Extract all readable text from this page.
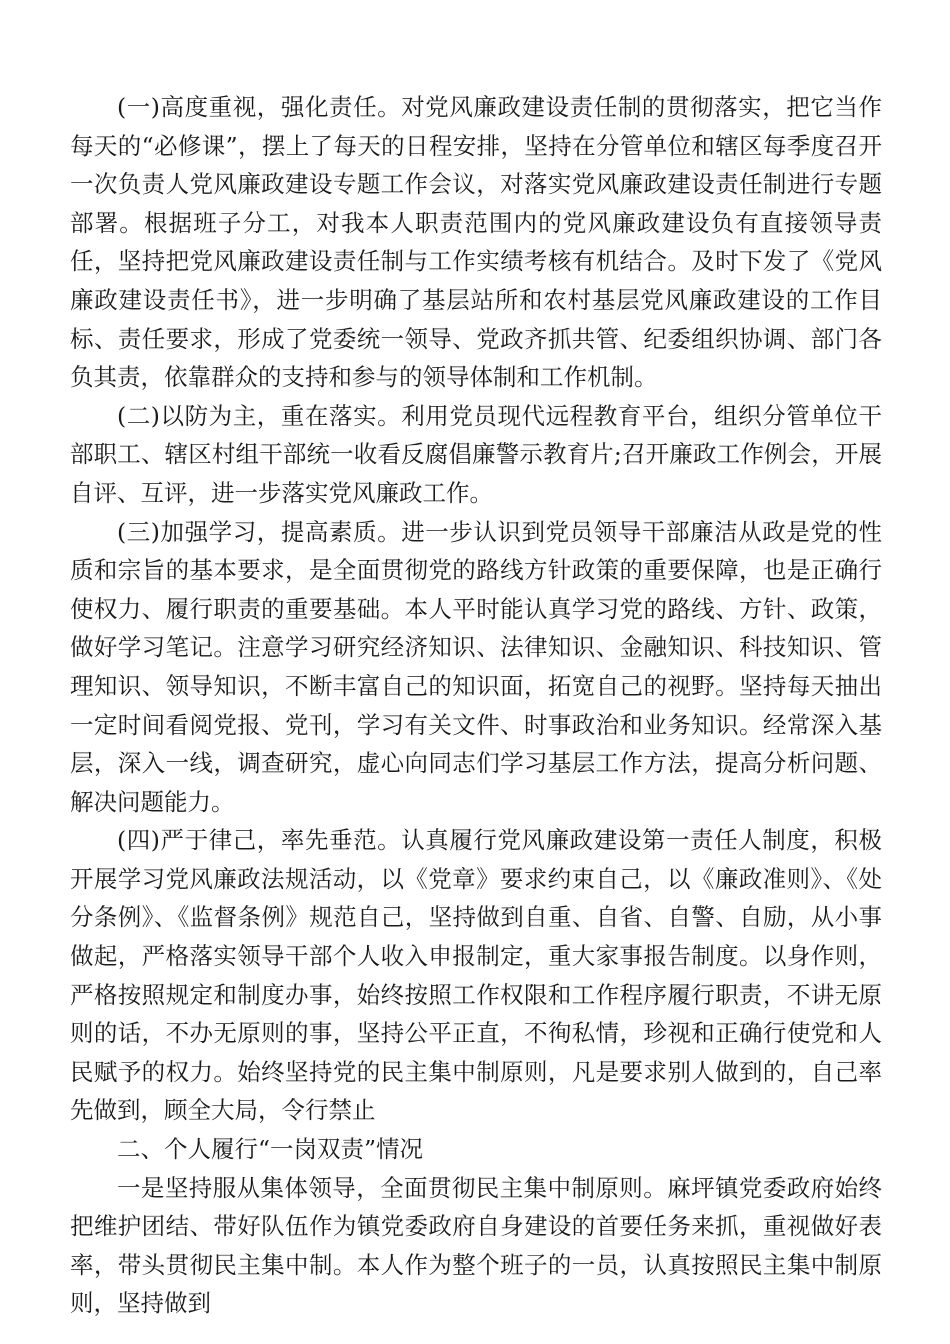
(一)高度重视，强化责任。对党风廉政建设责任制的贯彻落实，把它当作每天的“必修课”，摆上了每天的日程安排，坚持在分管单位和辖区每季度召开一次负责人党风廉政建设专题工作会议，对落实党风廉政建设责任制进行专题部署。根据班子分工，对我本人职责范围内的党风廉政建设负有直接领导责任，坚持把党风廉政建设责任制与工作实绩考核有机结合。及时下发了《党风廉政建设责任书》，进一步明确了基层站所和农村基层党风廉政建设的工作目标、责任要求，形成了党委统一领导、党政齐抓共管、纪委组织协调、部门各负其责，依靠群众的支持和参与的领导体制和工作机制。

(二)以防为主，重在落实。利用党员现代远程教育平台，组织分管单位干部职工、辖区村组干部统一收看反腐倡廉警示教育片;召开廉政工作例会，开展自评、互评，进一步落实党风廉政工作。

(三)加强学习，提高素质。进一步认识到党员领导干部廉洁从政是党的性质和宗旨的基本要求，是全面贯彻党的路线方针政策的重要保障，也是正确行使权力、履行职责的重要基础。本人平时能认真学习党的路线、方针、政策，做好学习笔记。注意学习研究经济知识、法律知识、金融知识、科技知识、管理知识、领导知识，不断丰富自己的知识面，拓宽自己的视野。坚持每天抽出一定时间看阅党报、党刊，学习有关文件、时事政治和业务知识。经常深入基层，深入一线，调查研究，虚心向同志们学习基层工作方法，提高分析问题、解决问题能力。

(四)严于律己，率先垂范。认真履行党风廉政建设第一责任人制度，积极开展学习党风廉政法规活动，以《党章》要求约束自己，以《廉政准则》、《处分条例》、《监督条例》规范自己，坚持做到自重、自省、自警、自励，从小事做起，严格落实领导干部个人收入申报制定，重大家事报告制度。以身作则，严格按照规定和制度办事，始终按照工作权限和工作程序履行职责，不讲无原则的话，不办无原则的事，坚持公平正直，不徇私情，珍视和正确行使党和人民赋予的权力。始终坚持党的民主集中制原则，凡是要求别人做到的，自己率先做到，顾全大局，令行禁止

二、个人履行“一岗双责”情况

一是坚持服从集体领导，全面贯彻民主集中制原则。麻坪镇党委政府始终把维护团结、带好队伍作为镇党委政府自身建设的首要任务来抓，重视做好表率，带头贯彻民主集中制。本人作为整个班子的一员，认真按照民主集中制原则，坚持做到
